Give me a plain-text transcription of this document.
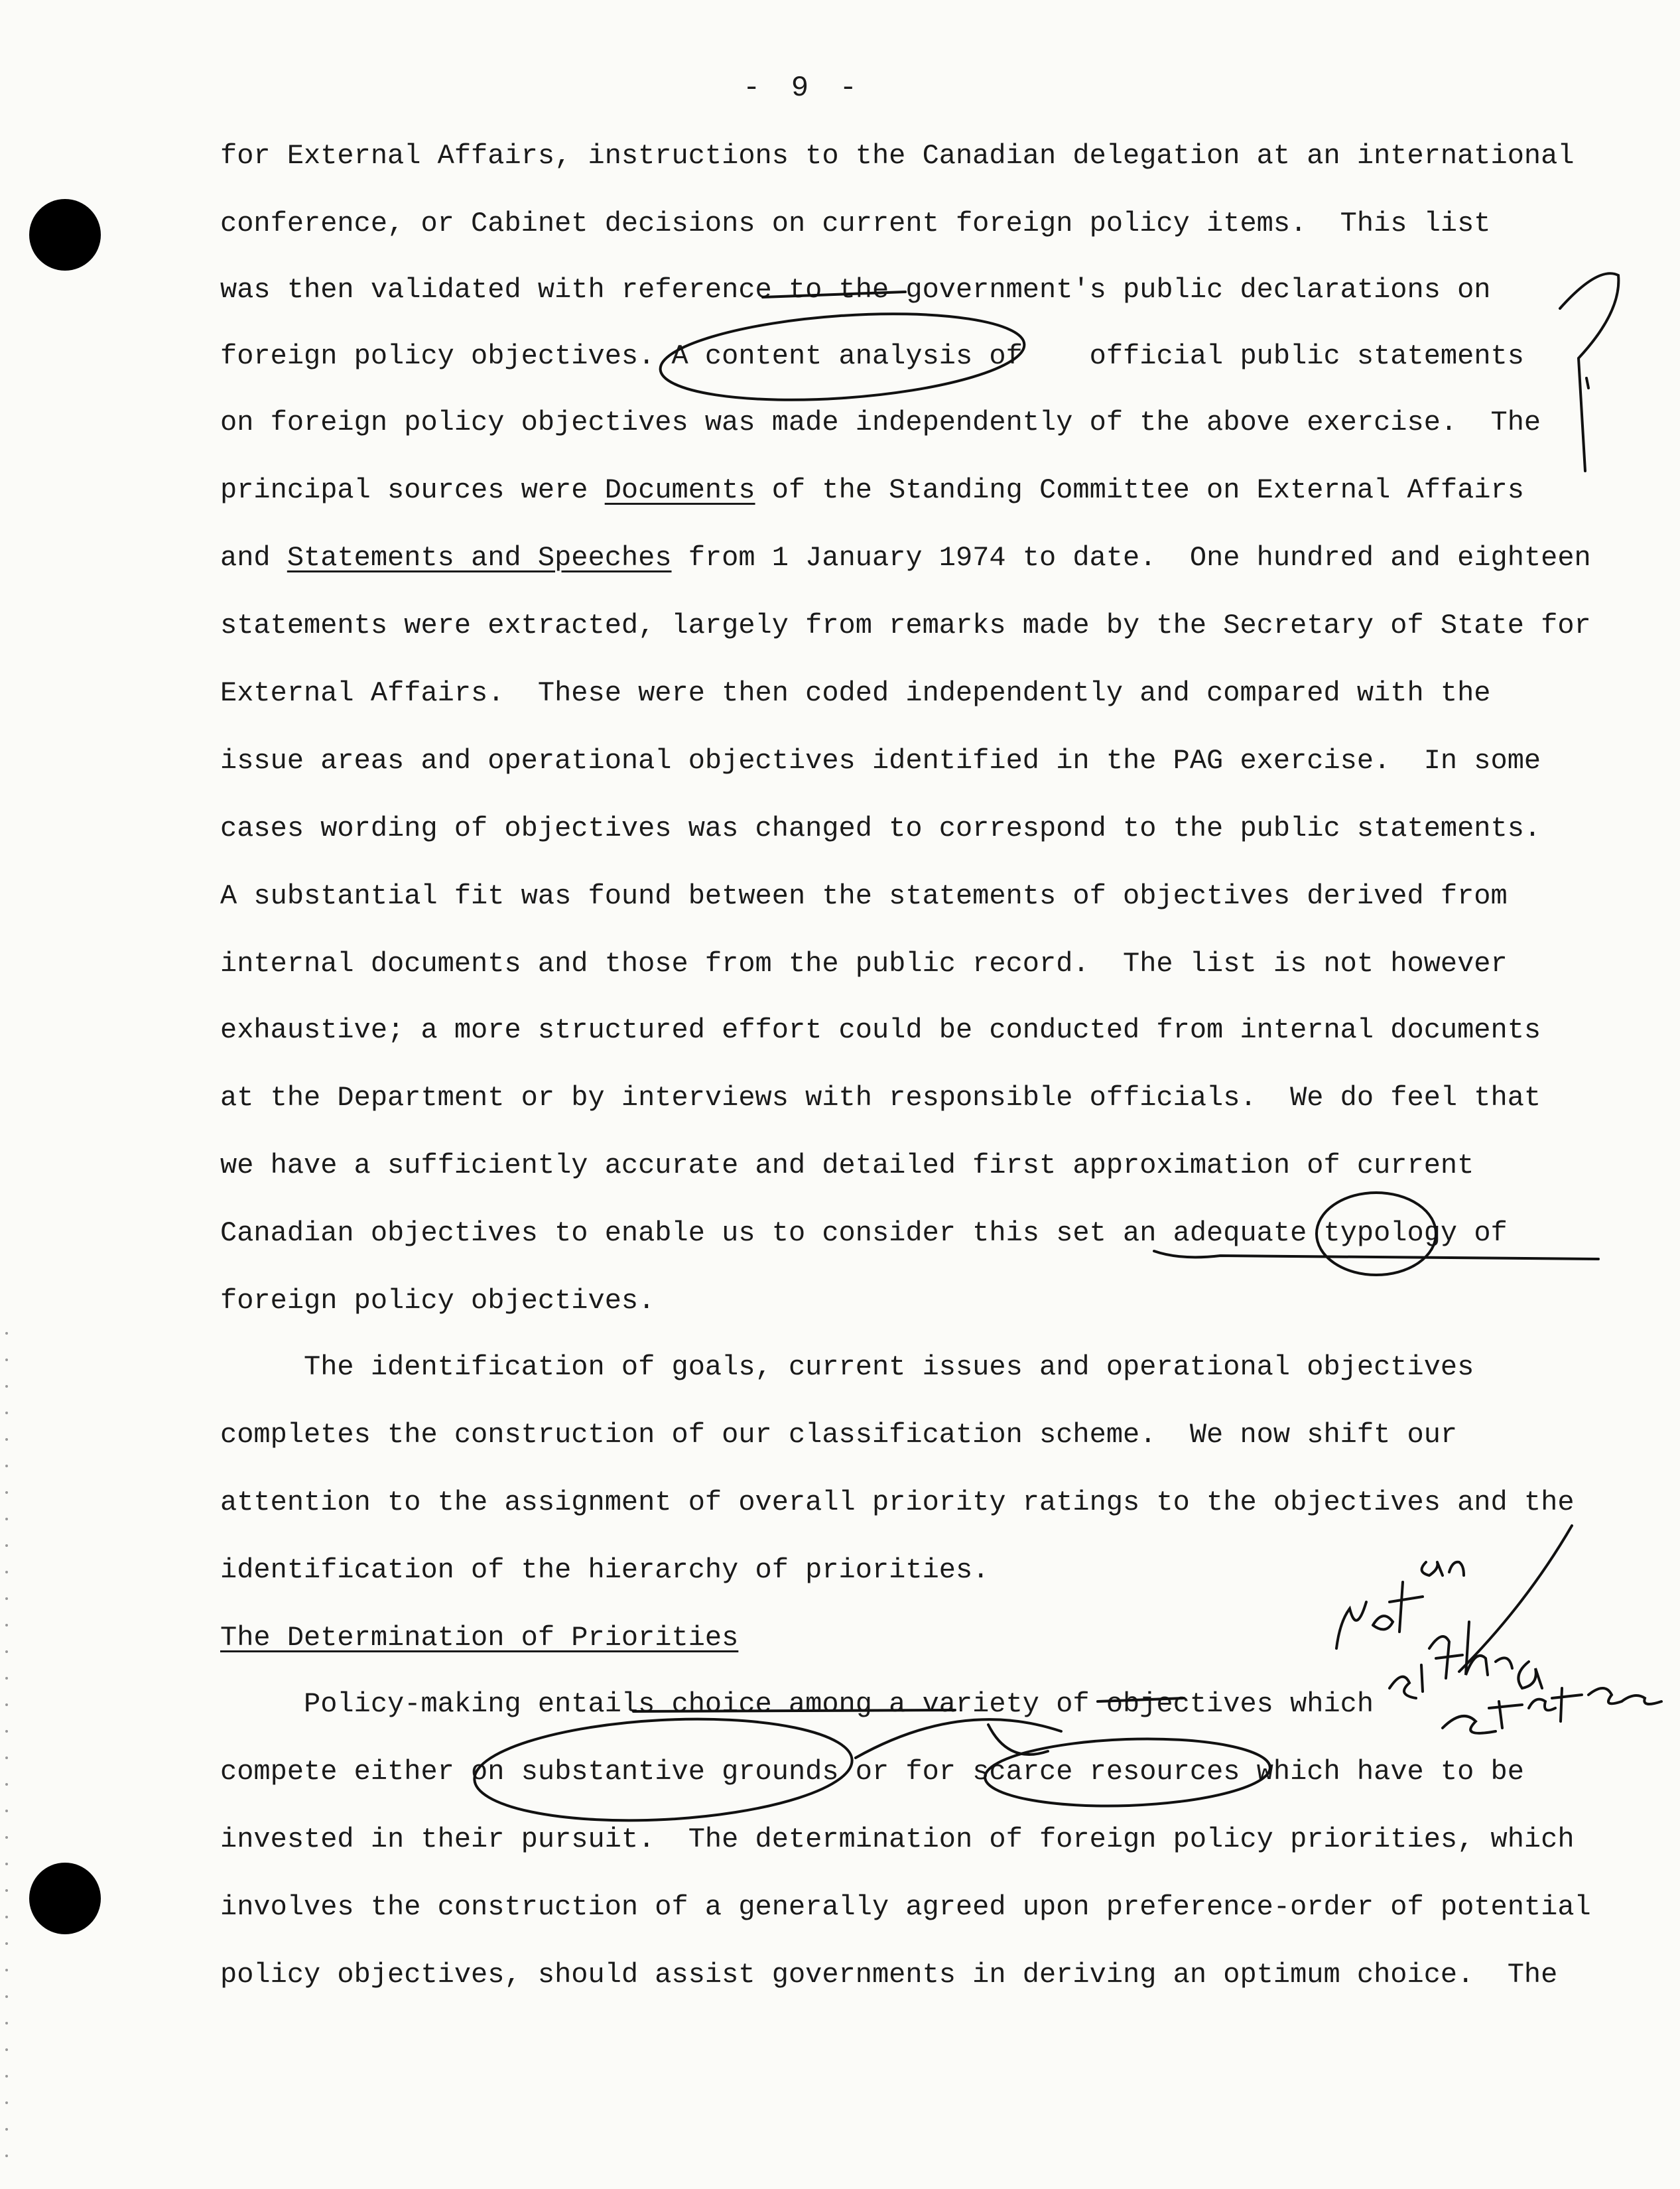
- 9 -
for External Affairs, instructions to the Canadian delegation at an international
conference, or Cabinet decisions on current foreign policy items.  This list
was then validated with reference to the government's public declarations on
foreign policy objectives. A content analysis of    official public statements
on foreign policy objectives was made independently of the above exercise.  The
principal sources were Documents of the Standing Committee on External Affairs
and Statements and Speeches from 1 January 1974 to date.  One hundred and eighteen
statements were extracted, largely from remarks made by the Secretary of State for
External Affairs.  These were then coded independently and compared with the
issue areas and operational objectives identified in the PAG exercise.  In some
cases wording of objectives was changed to correspond to the public statements.
A substantial fit was found between the statements of objectives derived from
internal documents and those from the public record.  The list is not however
exhaustive; a more structured effort could be conducted from internal documents
at the Department or by interviews with responsible officials.  We do feel that
we have a sufficiently accurate and detailed first approximation of current
Canadian objectives to enable us to consider this set an adequate typology of
foreign policy objectives.
The identification of goals, current issues and operational objectives
completes the construction of our classification scheme.  We now shift our
attention to the assignment of overall priority ratings to the objectives and the
identification of the hierarchy of priorities.
The Determination of Priorities
Policy-making entails choice among a variety of objectives which
compete either on substantive grounds or for scarce resources which have to be
invested in their pursuit.  The determination of foreign policy priorities, which
involves the construction of a generally agreed upon preference-order of potential
policy objectives, should assist governments in deriving an optimum choice.  The
